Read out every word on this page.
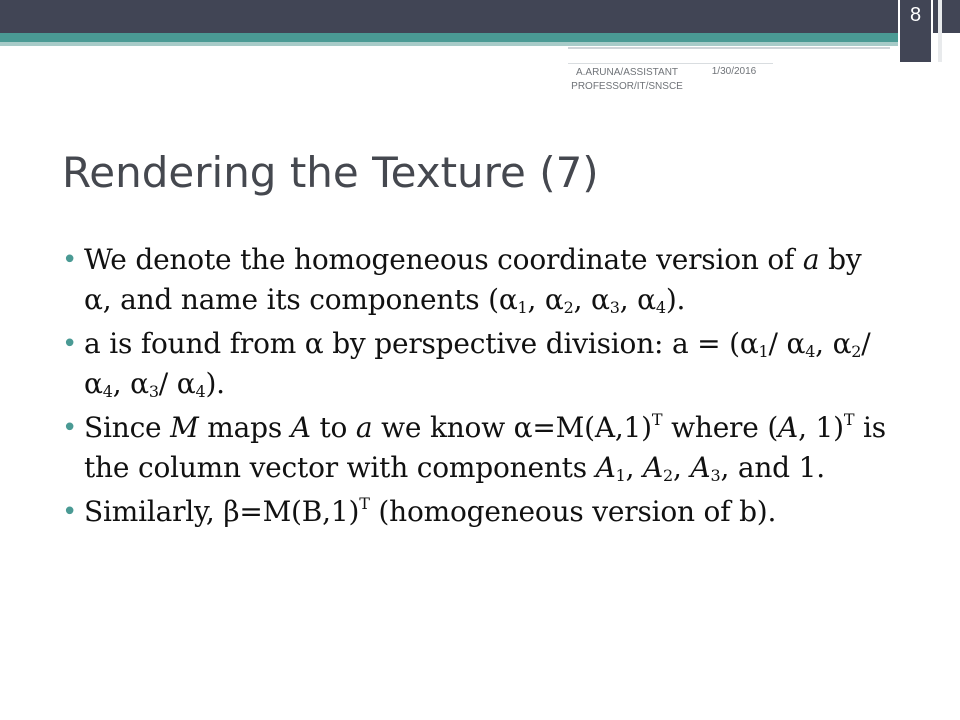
8
A.ARUNA/ASSISTANT
PROFESSOR/IT/SNSCE
1/30/2016
Rendering the Texture (7)
• We denote the homogeneous coordinate version of a by α, and name its components ($\alpha_1$, $\alpha_2$, $\alpha_3$, $\alpha_4$).
• a is found from α by perspective division: $a = (\alpha_1/$ $\alpha_4$, $\alpha_2/$ $\alpha_4$, $\alpha_3/$ $\alpha_4$).
• Since M maps A to a we know $\alpha=M(A,1)^T$ where (A, 1)$^T$ is the column vector with components $A_1$, $A_2$, $A_3$, and 1.
• Similarly, $\beta=M(B,1)^T$ (homogeneous version of b).
